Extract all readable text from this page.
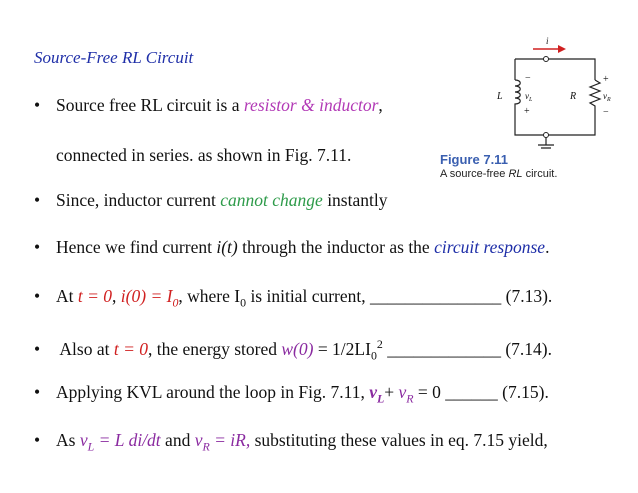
Source-Free RL Circuit
• Source free RL circuit is a resistor & inductor,
connected in series. as shown in Fig. 7.11.
• Since, inductor current cannot change instantly
• Hence we find current i(t) through the inductor as the circuit response.
• At t = 0, $i(0) = I_0$, where $I_0$ is initial current, _______________ (7.13).
• Also at t = 0, the energy stored $w(0) = 1/2LI_0^2$ _____________ (7.14).
• Applying KVL around the loop in Fig. 7.11, $v_L+ v_R = 0$ ______ (7.15).
• As $v_L = L$ di/dt and $v_R$ = iR, substituting these values in eq. 7.15 yield,
i
L $v_L$
−
+
R	$v_R$
+
−
Figure 7.11
A source-free RL circuit.
